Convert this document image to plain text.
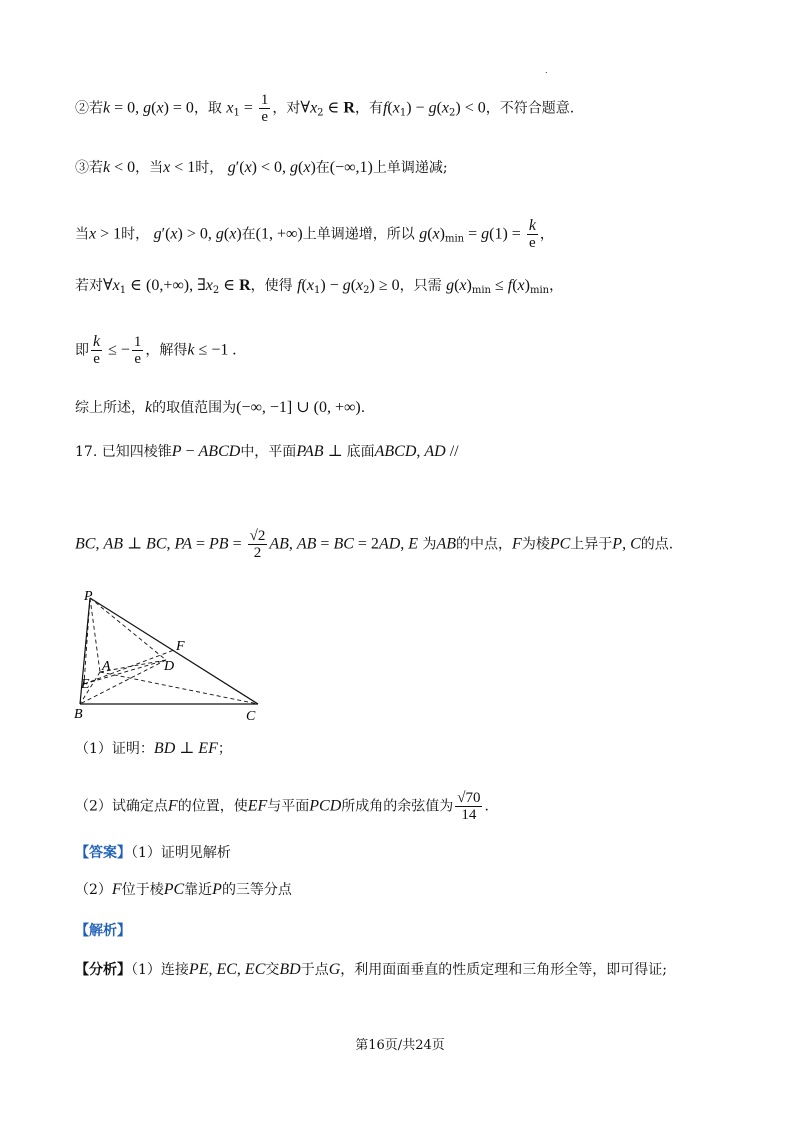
.
②若k = 0, g(x) = 0，取 $x_1 = \frac{1}{e}$ ，对$\forall x_2$ ∈ R，有$f(x_1) - g(x_2) < 0$，不符合题意.
③若k < 0，当x < 1时， g′(x) < 0, g(x)在(−∞,1)上单调递减;
当x > 1时， g′(x) > 0, g(x)在(1, +∞)上单调递增，所以 $g(x)_{min} = g(1) = \frac{k}{e}$ ，
若对$\forall x_1$ ∈ (0,+∞), $\exists x_2$ ∈ R，使得 $f(x_1) - g(x_2) \ge 0$，只需 $g(x)_{min} \le f(x)_{min}$，
即 $\frac{k}{e}$ ≤ − $\frac{1}{e}$ ，解得k ≤ −1 .
综上所述，k的取值范围为(−∞, −1] ∪ (0, +∞).
17. 已知四棱锥P − ABCD中，平面PAB ⊥ 底面ABCD, AD //
BC, AB ⊥ BC, PA = PB = $\frac{√2}{2}$ AB, AB = BC = 2AD, E 为AB的中点，F为棱PC上异于P, C的点.
P
F
A	D
E
B	C
（1）证明：BD ⊥ EF；
（2）试确定点F的位置，使EF与平面PCD所成角的余弦值为 $\frac{√70}{14}$ .
【答案】（1）证明见解析
（2）F位于棱PC靠近P的三等分点
【解析】
【分析】（1）连接PE, EC, EC交BD于点G，利用面面垂直的性质定理和三角形全等，即可得证;
第16页/共24页
